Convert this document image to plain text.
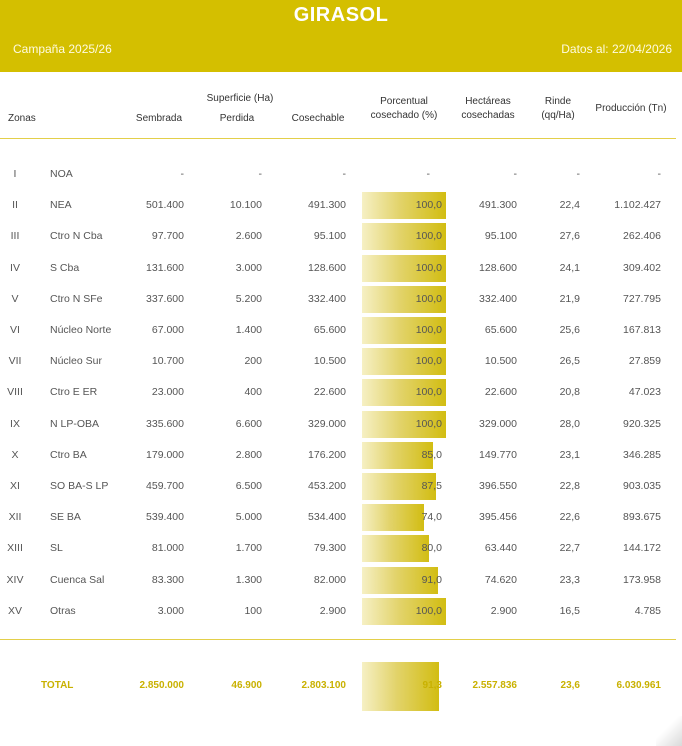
GIRASOL
Campaña 2025/26	Datos al: 22/04/2026
Zonas
Superficie (Ha)
Sembrada	Perdida	Cosechable
Porcentual
cosechado (%)
Hectáreas
cosechadas
Rinde
(qq/Ha)
Producción (Tn)
I	NOA	-	-	-	-	-	-	-
II	NEA	501.400	10.100	491.300	100,0	491.300	22,4	1.102.427
III	Ctro N Cba	97.700	2.600	95.100	100,0	95.100	27,6	262.406
IV	S Cba	131.600	3.000	128.600	100,0	128.600	24,1	309.402
V	Ctro N SFe	337.600	5.200	332.400	100,0	332.400	21,9	727.795
VI	Núcleo Norte	67.000	1.400	65.600	100,0	65.600	25,6	167.813
VII	Núcleo Sur	10.700	200	10.500	100,0	10.500	26,5	27.859
VIII	Ctro E ER	23.000	400	22.600	100,0	22.600	20,8	47.023
IX	N LP-OBA	335.600	6.600	329.000	100,0	329.000	28,0	920.325
X	Ctro BA	179.000	2.800	176.200	85,0	149.770	23,1	346.285
XI	SO BA-S LP	459.700	6.500	453.200	87,5	396.550	22,8	903.035
XII	SE BA	539.400	5.000	534.400	74,0	395.456	22,6	893.675
XIII	SL	81.000	1.700	79.300	80,0	63.440	22,7	144.172
XIV	Cuenca Sal	83.300	1.300	82.000	91,0	74.620	23,3	173.958
XV	Otras	3.000	100	2.900	100,0	2.900	16,5	4.785
TOTAL	2.850.000	46.900	2.803.100	91,3	2.557.836	23,6	6.030.961
